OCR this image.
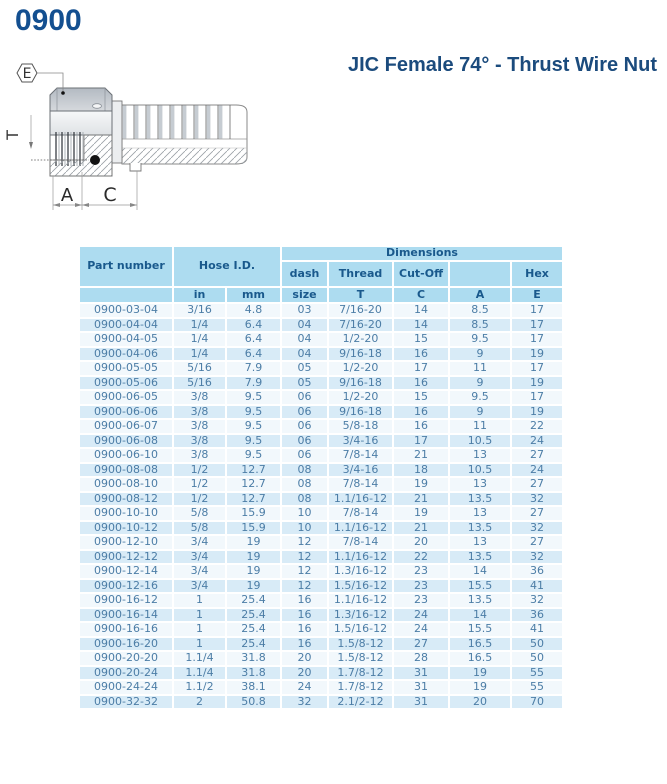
0900
JIC Female 74° - Thrust Wire Nut
E
T
A C
Part number	Hose I.D.		Dimensions				
			dash	Thread	Cut-Off		Hex
	in	mm	size	T	C	A	E
0900-03-04	3/16	4.8	03	7/16-20	14	8.5	17
0900-04-04	1/4	6.4	04	7/16-20	14	8.5	17
0900-04-05	1/4	6.4	04	1/2-20	15	9.5	17
0900-04-06	1/4	6.4	04	9/16-18	16	9	19
0900-05-05	5/16	7.9	05	1/2-20	17	11	17
0900-05-06	5/16	7.9	05	9/16-18	16	9	19
0900-06-05	3/8	9.5	06	1/2-20	15	9.5	17
0900-06-06	3/8	9.5	06	9/16-18	16	9	19
0900-06-07	3/8	9.5	06	5/8-18	16	11	22
0900-06-08	3/8	9.5	06	3/4-16	17	10.5	24
0900-06-10	3/8	9.5	06	7/8-14	21	13	27
0900-08-08	1/2	12.7	08	3/4-16	18	10.5	24
0900-08-10	1/2	12.7	08	7/8-14	19	13	27
0900-08-12	1/2	12.7	08	1.1/16-12	21	13.5	32
0900-10-10	5/8	15.9	10	7/8-14	19	13	27
0900-10-12	5/8	15.9	10	1.1/16-12	21	13.5	32
0900-12-10	3/4	19	12	7/8-14	20	13	27
0900-12-12	3/4	19	12	1.1/16-12	22	13.5	32
0900-12-14	3/4	19	12	1.3/16-12	23	14	36
0900-12-16	3/4	19	12	1.5/16-12	23	15.5	41
0900-16-12	1	25.4	16	1.1/16-12	23	13.5	32
0900-16-14	1	25.4	16	1.3/16-12	24	14	36
0900-16-16	1	25.4	16	1.5/16-12	24	15.5	41
0900-16-20	1	25.4	16	1.5/8-12	27	16.5	50
0900-20-20	1.1/4	31.8	20	1.5/8-12	28	16.5	50
0900-20-24	1.1/4	31.8	20	1.7/8-12	31	19	55
0900-24-24	1.1/2	38.1	24	1.7/8-12	31	19	55
0900-32-32	2	50.8	32	2.1/2-12	31	20	70
